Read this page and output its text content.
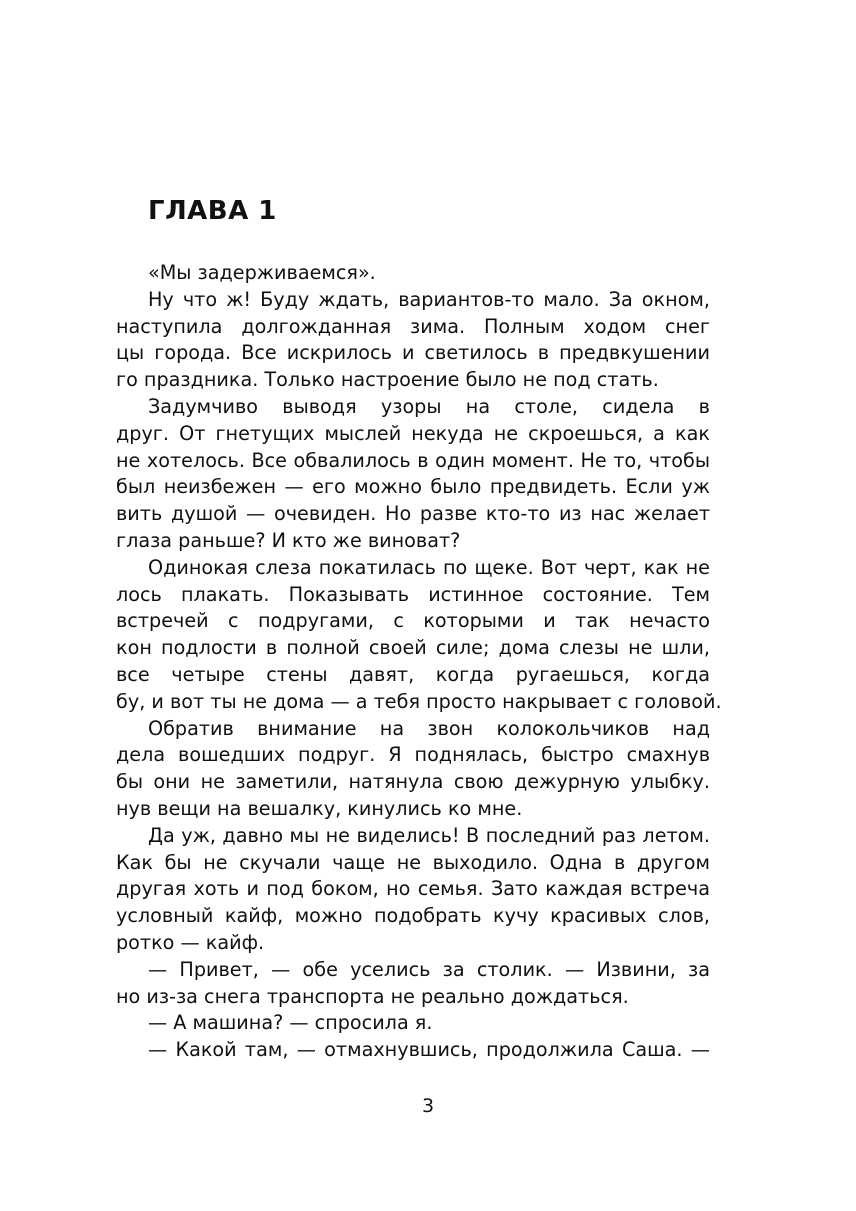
ГЛАВА 1
«Мы задерживаемся».
Ну что ж! Буду ждать, вариантов-то мало. За окном,
наступила долгожданная зима. Полным ходом снег
цы города. Все искрилось и светилось в предвкушении
го праздника. Только настроение было не под стать.
Задумчиво выводя узоры на столе, сидела в
друг. От гнетущих мыслей некуда не скроешься, а как
не хотелось. Все обвалилось в один момент. Не то, чтобы
был неизбежен — его можно было предвидеть. Если уж
вить душой — очевиден. Но разве кто-то из нас желает
глаза раньше? И кто же виноват?
Одинокая слеза покатилась по щеке. Вот черт, как не
лось плакать. Показывать истинное состояние. Тем
встречей с подругами, с которыми и так нечасто
кон подлости в полной своей силе; дома слезы не шли,
все четыре стены давят, когда ругаешься, когда
бу, и вот ты не дома — а тебя просто накрывает с головой.
Обратив внимание на звон колокольчиков над
дела вошедших подруг. Я поднялась, быстро смахнув
бы они не заметили, натянула свою дежурную улыбку.
нув вещи на вешалку, кинулись ко мне.
Да уж, давно мы не виделись! В последний раз летом.
Как бы не скучали чаще не выходило. Одна в другом
другая хоть и под боком, но семья. Зато каждая встреча
условный кайф, можно подобрать кучу красивых слов,
ротко — кайф.
— Привет, — обе уселись за столик. — Извини, за
но из-за снега транспорта не реально дождаться.
— А машина? — спросила я.
— Какой там, — отмахнувшись, продолжила Саша. —
3
